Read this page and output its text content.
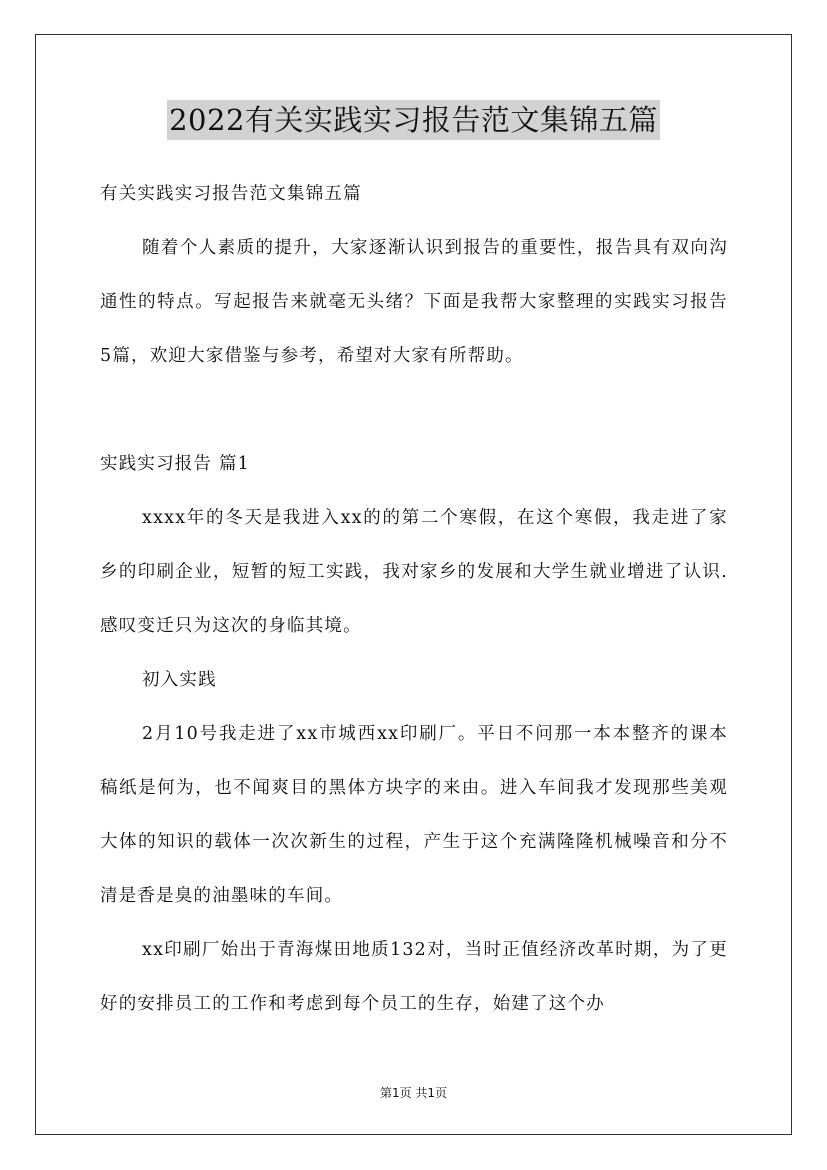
2022有关实践实习报告范文集锦五篇

有关实践实习报告范文集锦五篇

随着个人素质的提升，大家逐渐认识到报告的重要性，报告具有双向沟通性的特点。写起报告来就毫无头绪？下面是我帮大家整理的实践实习报告5篇，欢迎大家借鉴与参考，希望对大家有所帮助。

实践实习报告 篇1

xxxx年的冬天是我进入xx的的第二个寒假，在这个寒假，我走进了家乡的印刷企业，短暂的短工实践，我对家乡的发展和大学生就业增进了认识.感叹变迁只为这次的身临其境。

初入实践

2月10号我走进了xx市城西xx印刷厂。平日不问那一本本整齐的课本稿纸是何为，也不闻爽目的黑体方块字的来由。进入车间我才发现那些美观大体的知识的载体一次次新生的过程，产生于这个充满隆隆机械噪音和分不清是香是臭的油墨味的车间。

xx印刷厂始出于青海煤田地质132对，当时正值经济改革时期，为了更好的安排员工的工作和考虑到每个员工的生存，始建了这个办

第1页 共1页
